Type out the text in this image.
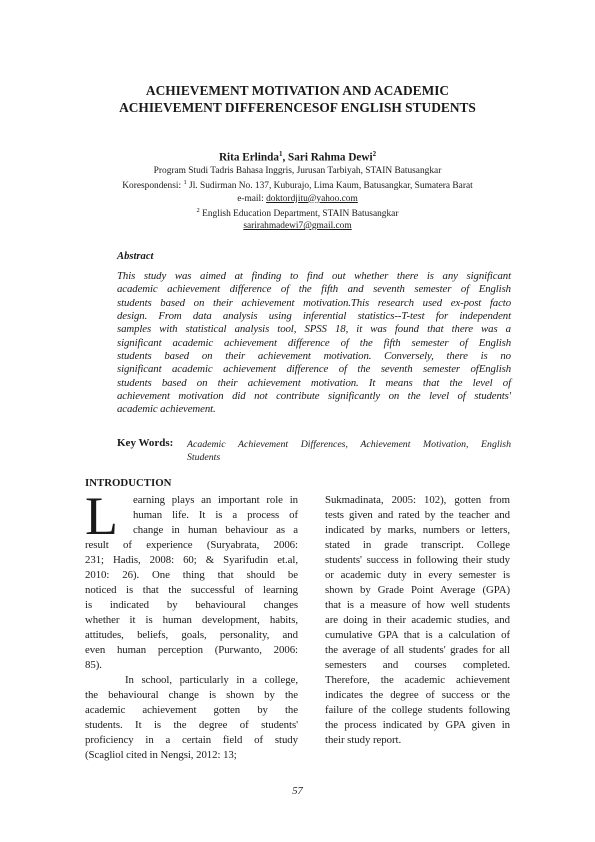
ACHIEVEMENT MOTIVATION AND ACADEMIC
ACHIEVEMENT DIFFERENCESOF ENGLISH STUDENTS
Rita Erlinda$^1$, Sari Rahma Dewi$^2$
Program Studi Tadris Bahasa Inggris, Jurusan Tarbiyah, STAIN Batusangkar
Korespondensi: $^1$ Jl. Sudirman No. 137, Kuburajo, Lima Kaum, Batusangkar, Sumatera Barat
e-mail: doktordjitu@yahoo.com
$^2$ English Education Department, STAIN Batusangkar
sarirahmadewi7@gmail.com
Abstract
This study was aimed at finding to find out whether there is any significant
academic achievement difference of the fifth and seventh semester of English
students based on their achievement motivation.This research used ex-post facto
design. From data analysis using inferential statistics--T-test for independent
samples with statistical analysis tool, SPSS 18, it was found that there was a
significant academic achievement difference of the fifth semester of English
students based on their achievement motivation. Conversely, there is no
significant academic achievement difference of the seventh semester ofEnglish
students based on their achievement motivation. It means that the level of
achievement motivation did not contribute significantly on the level of students'
academic achievement.
Key Words: Academic Achievement Differences, Achievement Motivation, English
Students
INTRODUCTION
L	earning plays an important role in
human life. It is a process of
change in human behaviour as a
result of experience (Suryabrata, 2006:
231; Hadis, 2008: 60; & Syarifudin et.al,
2010: 26). One thing that should be
noticed is that the successful of learning
is indicated by behavioural changes
whether it is human development, habits,
attitudes, beliefs, goals, personality, and
even human perception (Purwanto, 2006:
85).
In school, particularly in a college,
the behavioural change is shown by the
academic achievement gotten by the
students. It is the degree of students'
proficiency in a certain field of study
(Scagliol cited in Nengsi, 2012: 13;
Sukmadinata, 2005: 102), gotten from
tests given and rated by the teacher and
indicated by marks, numbers or letters,
stated in grade transcript. College
students' success in following their study
or academic duty in every semester is
shown by Grade Point Average (GPA)
that is a measure of how well students
are doing in their academic studies, and
cumulative GPA that is a calculation of
the average of all students' grades for all
semesters and courses completed.
Therefore, the academic achievement
indicates the degree of success or the
failure of the college students following
the process indicated by GPA given in
their study report.
57
